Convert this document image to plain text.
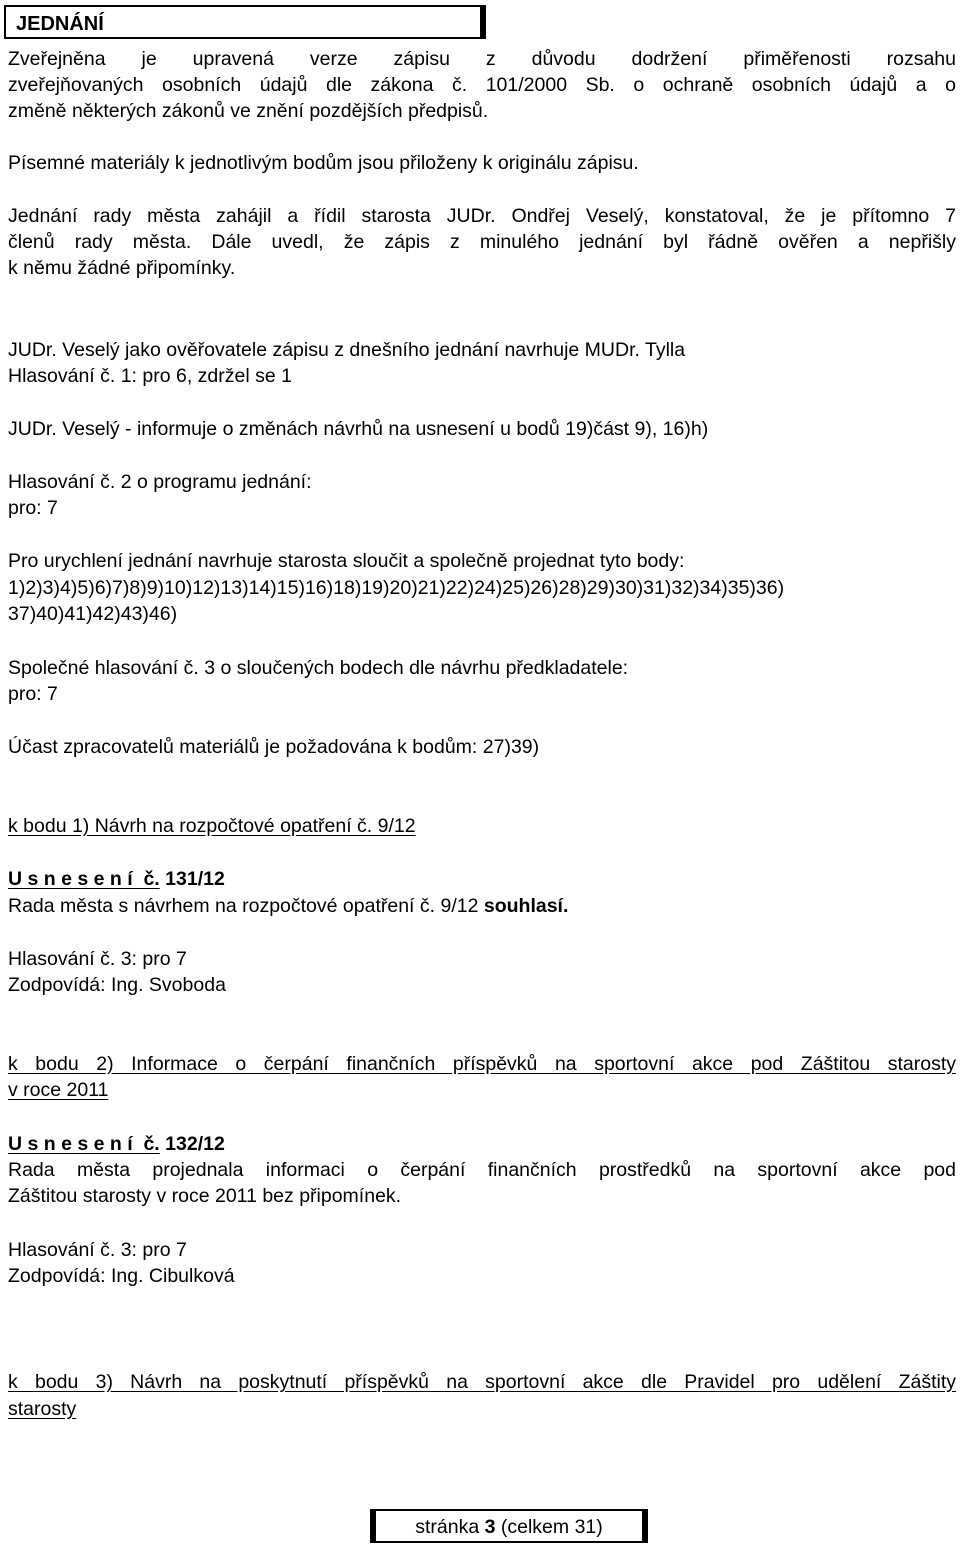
JEDNÁNÍ
Zveřejněna je upravená verze zápisu z důvodu dodržení přiměřenosti rozsahu
zveřejňovaných osobních údajů dle zákona č. 101/2000 Sb. o ochraně osobních údajů a o
změně některých zákonů ve znění pozdějších předpisů.
Písemné materiály k jednotlivým bodům jsou přiloženy k originálu zápisu.
Jednání rady města zahájil a řídil starosta JUDr. Ondřej Veselý, konstatoval, že je přítomno 7
členů rady města. Dále uvedl, že zápis z minulého jednání byl řádně ověřen a nepřišly
k němu žádné připomínky.
JUDr. Veselý jako ověřovatele zápisu z dnešního jednání navrhuje MUDr. Tylla
Hlasování č. 1: pro 6, zdržel se 1
JUDr. Veselý - informuje o změnách návrhů na usnesení u bodů 19)část 9), 16)h)
Hlasování č. 2 o programu jednání:
pro: 7
Pro urychlení jednání navrhuje starosta sloučit a společně projednat tyto body:
1)2)3)4)5)6)7)8)9)10)12)13)14)15)16)18)19)20)21)22)24)25)26)28)29)30)31)32)34)35)36)
37)40)41)42)43)46)
Společné hlasování č. 3 o sloučených bodech dle návrhu předkladatele:
pro: 7
Účast zpracovatelů materiálů je požadována k bodům: 27)39)
k bodu 1) Návrh na rozpočtové opatření č. 9/12
U s n e s e n í  č. 131/12
Rada města s návrhem na rozpočtové opatření č. 9/12 souhlasí.
Hlasování č. 3: pro 7
Zodpovídá: Ing. Svoboda
k bodu 2) Informace o čerpání finančních příspěvků na sportovní akce pod Záštitou starosty
v roce 2011
U s n e s e n í  č. 132/12
Rada města projednala informaci o čerpání finančních prostředků na sportovní akce pod
Záštitou starosty v roce 2011 bez připomínek.
Hlasování č. 3: pro 7
Zodpovídá: Ing. Cibulková
k bodu 3) Návrh na poskytnutí příspěvků na sportovní akce dle Pravidel pro udělení Záštity
starosty
stránka 3 (celkem 31)
